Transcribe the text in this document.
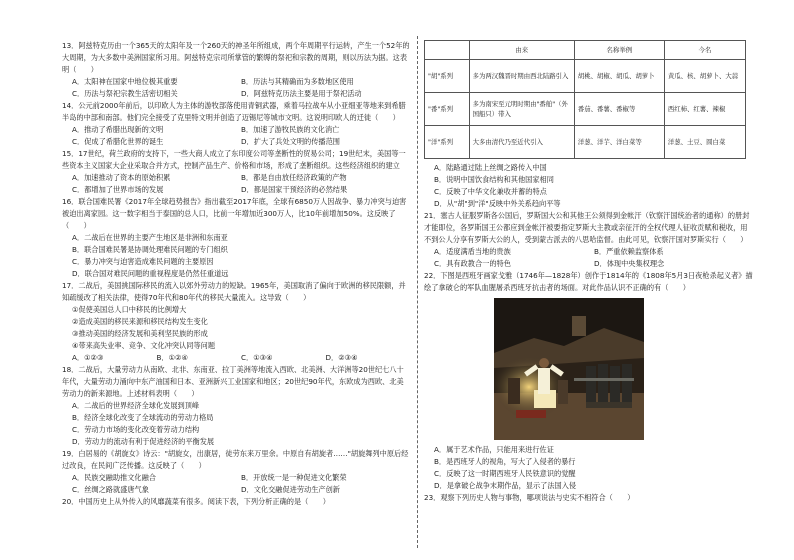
13．阿兹特克历由一个365天的太阳年及一个260天的神圣年所组成，两个年周期平行运转，产生一个52年的大周期，为大多数中美洲国家所习用。阿兹特克宗司所掌管的繁缛的祭祀和宗教的周期，则以历法为据。这表明（　　）
A．太阳神在国家中地位极其重要	B．历法与其精确而为多数地区使用
C．历法与祭祀宗教生活密切相关	D．阿兹特克历法主要是用于祭祀活动
14．公元前2000年前后，以印欧人为主体的游牧部落使用青铜武器，乘着马拉战车从小亚细亚等地来到希腊半岛的中部和南部。他们完全接受了克里特文明并创造了迈锡尼等城市文明。这说明印欧人的迁徙（　　）
A．推动了希腊出现新的文明	B．加速了游牧民族的文化消亡
C．促成了希腊化世界的诞生	D．扩大了兵处文明的传播范围
15．17世纪，荷兰政府的支持下，一些大商人成立了东印度公司等垄断性的贸易公司；19世纪末，美国等一些资本主义国家大企业采取合并方式，控制产品生产、价格和市场，形成了垄断组织。这些经济组织的建立
A．加速推动了资本的原始积累	B．都是自由放任经济政策的产物
C．都增加了世界市场的发展	D．都是国家干预经济的必然结果
16．联合国难民署《2017年全球趋势报告》指出截至2017年底，全球有6850万人因战争、暴力冲突与迫害被迫出离家园。这一数字相当于泰国的总人口，比前一年增加近300万人，比10年前增加50%。这反映了（　　）
A．二战后在世界的主要产生地区是非洲和东南亚
B．联合国难民署是协调处理难民问题的专门组织
C．暴力冲突与迫害造成难民问题的主要原因
D．联合国对难民问题的重视程度是仍然任重道远
17．二战后，美国挑国际移民的流入以郊外劳动力的短缺。1965年，美国取消了偏向于欧洲的移民限额，并知疏缓改了相关法律，使得70年代和80年代的移民大量流入。这导致（　　）
①促使美国总人口中移民的比例增大
②造成美国的移民来源和移民结构发生变化
③推动美国的经济发展和美利坚民族的形成
④带来高失业率、竞争、文化冲突认同等问题
A．①②③	B．①②④	C．①③④	D．②③④
18．二战后，大量劳动力从南欧、北非、东南亚、拉丁美洲等地流入西欧、北美洲、大洋洲等20世纪七八十年代，大量劳动力涌向中东产油国和日本、亚洲新兴工业国家和地区；20世纪90年代，东欧成为西欧、北美劳动力的新来源地。上述材料表明（　　）
A．二战后的世界经济全球化发展到顶峰
B．经济全球化改变了全球流动的劳动力格局
C．劳动力市场的变化改变着劳动力结构
D．劳动力的流动有利于促进经济的平衡发展
19．白居易的《胡旋女》诗云："胡旋女，出康居，徒劳东来万里余。中原自有胡旋者……"胡旋舞列中原后经过改良，在民间广泛传播。这反映了（　　）
A．民族交融助推文化融合	B．开放统一是一种促进文化繁荣
C．丝绸之路就盛唐气象	D．文化交融促进劳动生产创新
20．中国历史上从外传入的风靡蔬菜有很多。阅读下表，下列分析正确的是（　　）
	由来	名称举例	今名
"胡"系列	多为两汉魏晋时期由西北陆路引入	胡桃、胡椒、胡瓜、胡萝卜	黄瓜、核、胡萝卜、大蒜
"番"系列	多为南宋至元明时期由"番舶"（外国船只）带入	番茄、番薯、番椒等	西红柿、红薯、辣椒
"洋"系列	大多由清代乃至近代引入	洋葱、洋芋、洋白菜等	洋葱、土豆、圆白菜
A．陆路通过陆上丝绸之路传入中国
B．说明中国饮食结构和其他国家相同
C．反映了中华文化兼收并蓄的特点
D．从"胡"到"洋"反映中外关系趋向平等
21．塞古人征服罗斯各公国后，罗斯国大公和其他王公须得到金帐汗（钦察汗国统治者的通称）的册封才能即位，各罗斯国王公都应到金帐汗被要指定罗斯大主教或亲征汗的全权代理人征收贡赋和税收，用不到公人分享有罗斯大公的人，受到蒙古派去的八思哈监督。由此可见，钦察汗国对罗斯实行（　　）
A．适度满盾当地的贵族	B．严重依赖监察体系
C．具有政教合一的特色	D．体现中央集权理念
22．下图是西班牙画家戈雅（1746年—1828年）创作于1814年的《1808年5月3日夜枪杀起义者》描绘了拿破仑的军队血腥屠杀西班牙抗击者的场面。对此作品认识不正确的有（　　）
A．属于艺术作品，只能用来进行佐证
B．是西班牙人的视角，写大了入侵者的暴行
C．反映了这一时期西班牙人民铁意识的觉醒
D．是拿破仑战争末期作品，显示了法国入侵
23．观察下列历史人物与事物，哪项说法与史实不相符合（　　）
